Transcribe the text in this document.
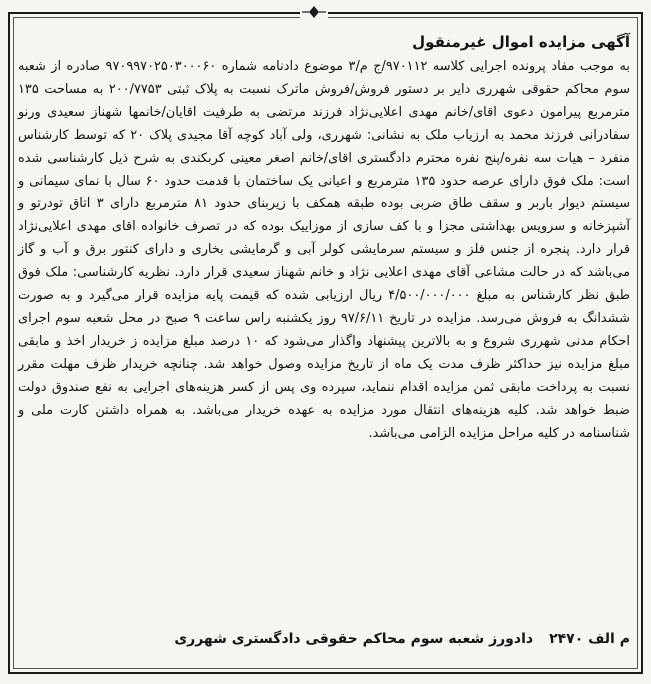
آگهی مزایده اموال غیرمنقول

به موجب مفاد پرونده اجرایی کلاسه ۹۷۰۱۱۲/ج م/۳ موضوع دادنامه شماره ۹۷۰۹۹۷۰۲۵۰۳۰۰۰۶۰ صادره از شعبه سوم محاکم حقوقی شهرری دایر بر دستور فروش/فروش ماترک نسبت به پلاک ثبتی ۲۰۰/۷۷۵۳ به مساحت ۱۳۵ مترمربع پیرامون دعوی اقای/خانم مهدی اعلایی‌نژاد فرزند مرتضی به طرفیت اقایان/خانمها شهناز سعیدی ورنو سفادرانی فرزند محمد به ارزیاب ملک به نشانی: شهرری، ولی آباد کوچه آقا مجیدی پلاک ۲۰ که توسط کارشناس منفرد – هیات سه نفره/پنج نفره محترم دادگستری اقای/خانم اصغر معینی کربکندی به شرح ذیل کارشناسی شده است: ملک فوق دارای عرصه حدود ۱۳۵ مترمربع و اعیانی یک ساختمان با قدمت حدود ۶۰ سال با نمای سیمانی و سیستم دیوار باربر و سقف طاق ضربی بوده طبقه همکف با زیربنای حدود ۸۱ مترمربع دارای ۳ اتاق تودرتو و آشپزخانه و سرویس بهداشتی مجزا و با کف سازی از موزاییک بوده که در تصرف خانواده اقای مهدی اعلایی‌نژاد قرار دارد. پنجره از جنس فلز و سیستم سرمایشی کولر آبی و گرمایشی بخاری و دارای کنتور برق و آب و گاز می‌باشد که در حالت مشاعی آقای مهدی اعلایی نژاد و خانم شهناز سعیدی قرار دارد. نظریه کارشناسی: ملک فوق طبق نظر کارشناس به مبلغ ۴/۵۰۰/۰۰۰/۰۰۰ ریال ارزیابی شده که قیمت پایه مزایده قرار می‌گیرد و به صورت ششدانگ به فروش می‌رسد. مزایده در تاریخ ۹۷/۶/۱۱ روز یکشنبه راس ساعت ۹ صبح در محل شعبه سوم اجرای احکام مدنی شهرری شروع و به بالاترین پیشنهاد واگذار می‌شود که ۱۰ درصد مبلغ مزایده ز خریدار اخذ و مابقی مبلغ مزایده نیز حداکثر ظرف مدت یک ماه از تاریخ مزایده وصول خواهد شد. چنانچه خریدار ظرف مهلت مقرر نسبت به پرداخت مابقی ثمن مزایده اقدام ننماید، سپرده وی پس از کسر هزینه‌های اجرایی به نفع صندوق دولت ضبط خواهد شد. کلیه هزینه‌های انتقال مورد مزایده به عهده خریدار می‌باشد. به همراه داشتن کارت ملی و شناسنامه در کلیه مراحل مزایده الزامی می‌باشد.

م الف ۲۴۷۰
دادورز شعبه سوم محاکم حقوقی دادگستری شهرری
